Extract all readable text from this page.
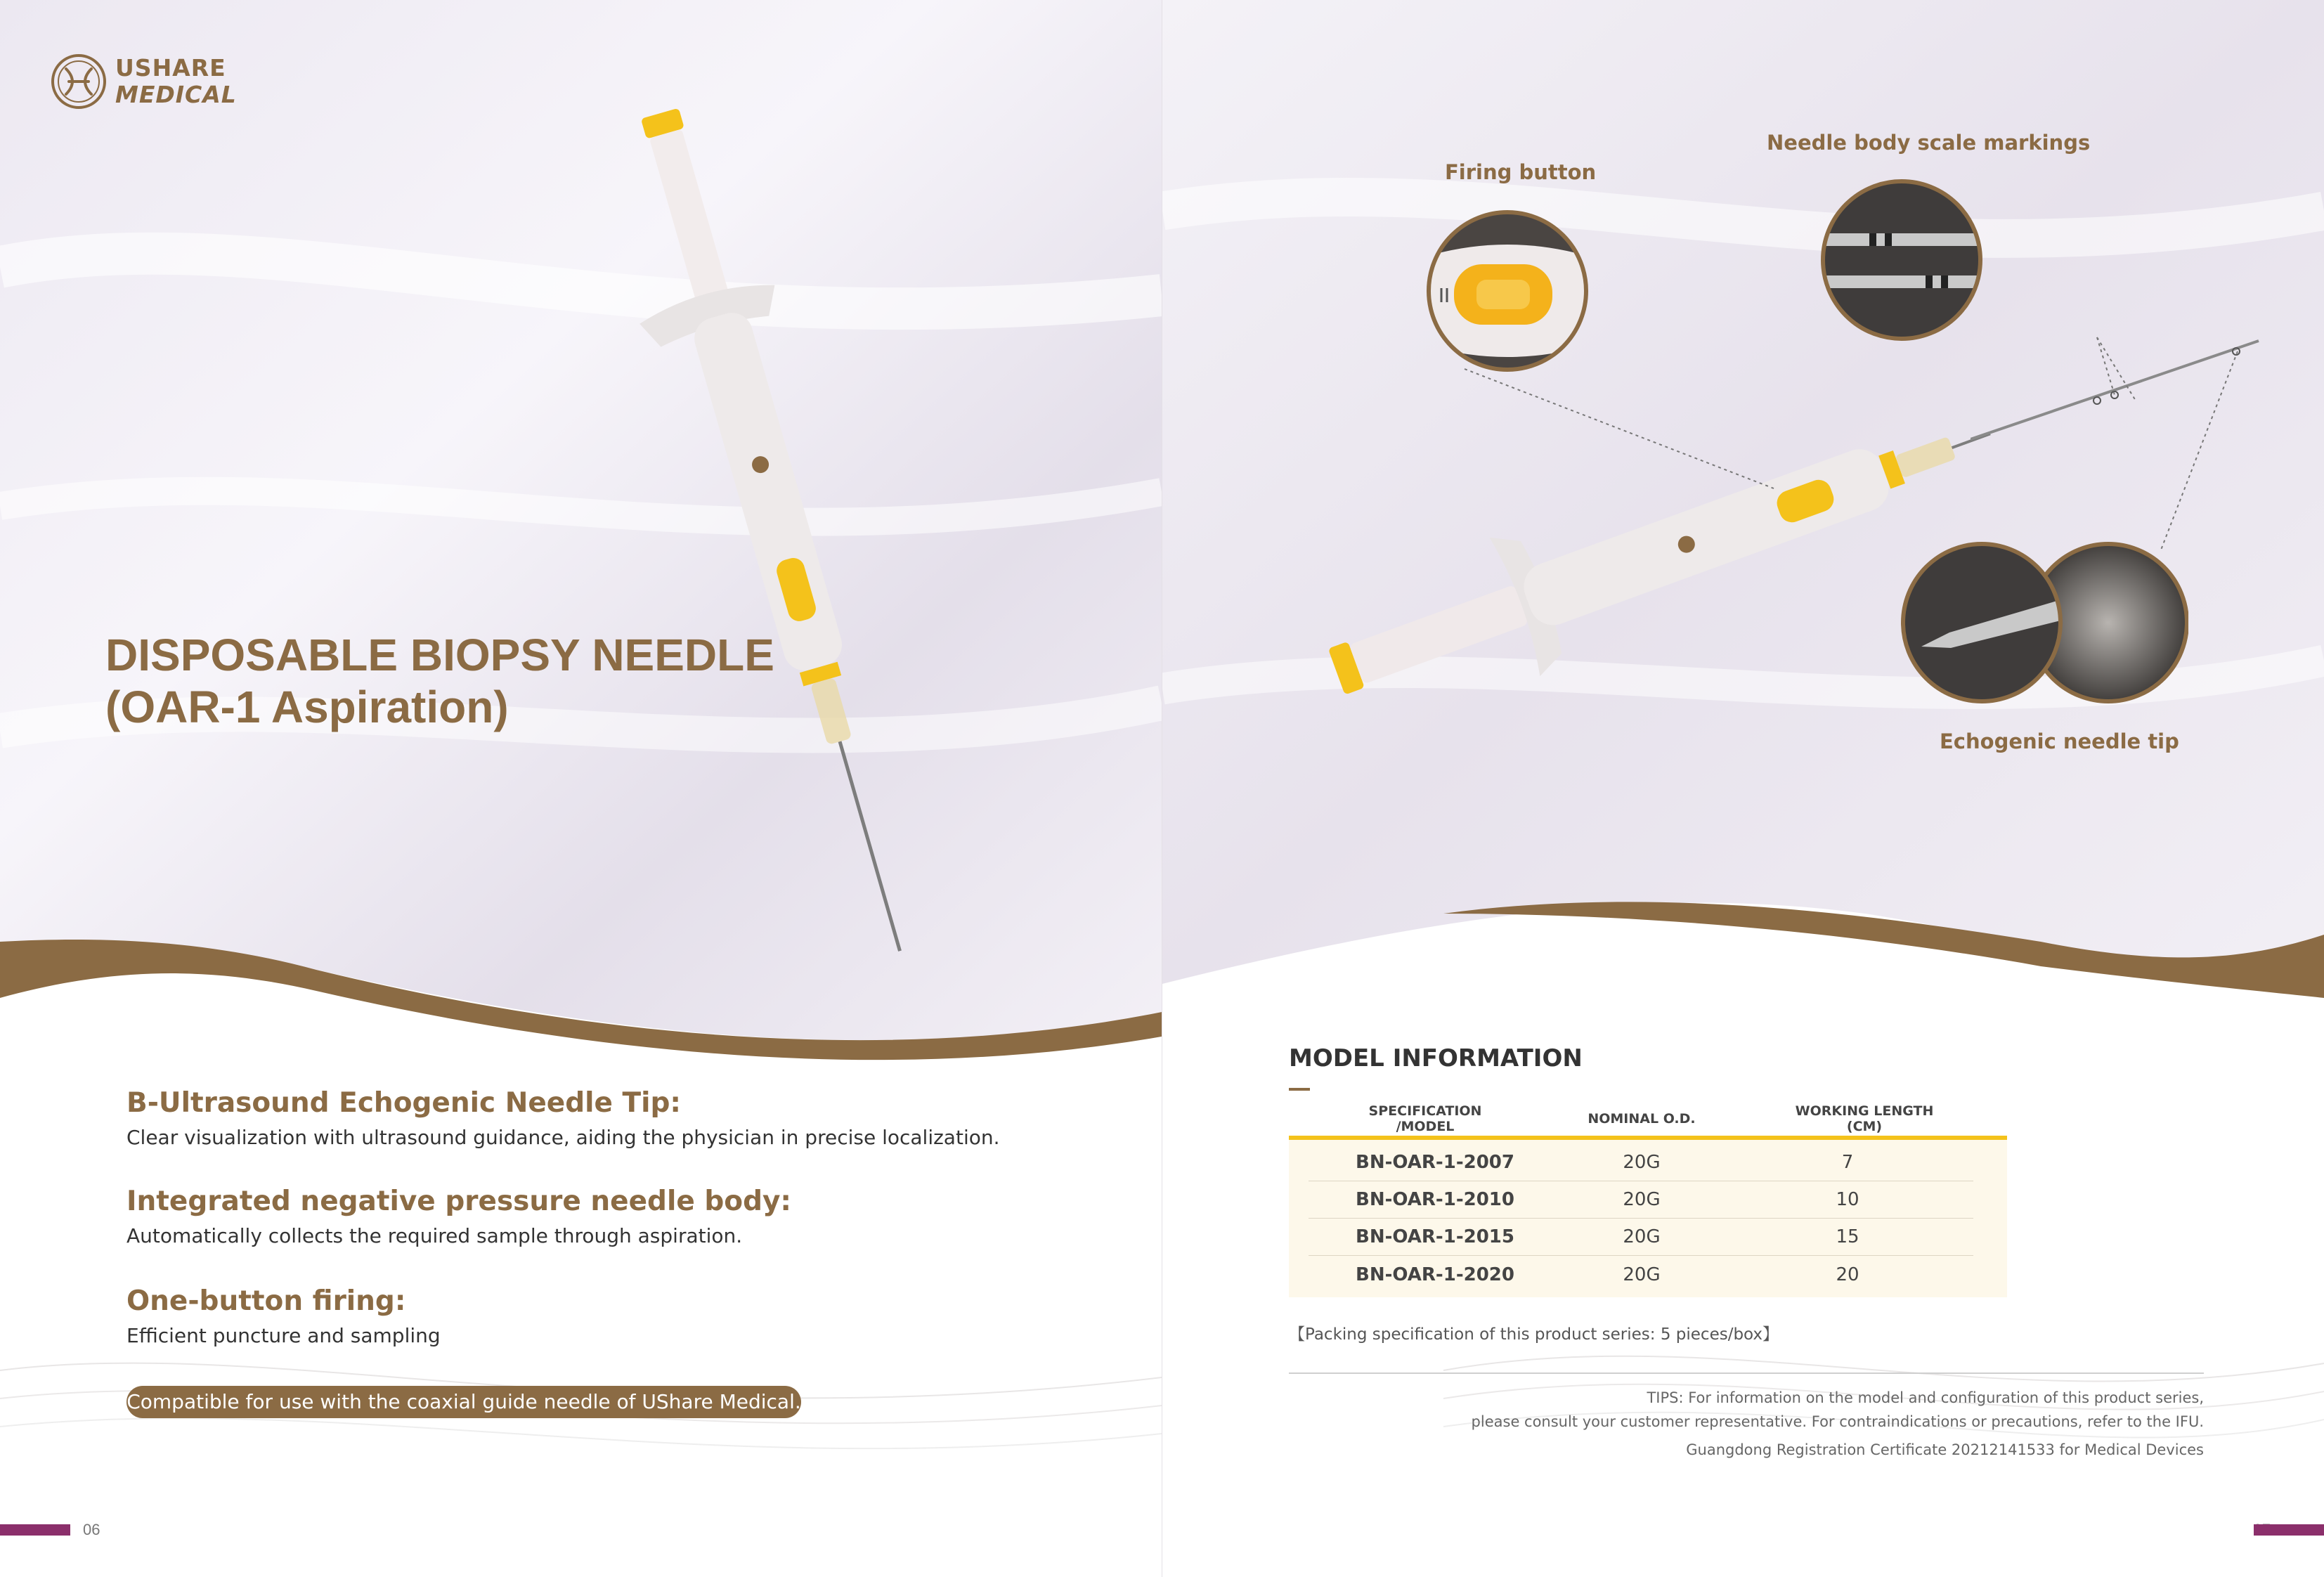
USHARE
MEDICAL
DISPOSABLE BIOPSY NEEDLE
(OAR-1 Aspiration)
B-Ultrasound Echogenic Needle Tip:

Clear visualization with ultrasound guidance, aiding the physician in precise localization.

Integrated negative pressure needle body:

Automatically collects the required sample through aspiration.

One-button firing:

Efficient puncture and sampling

Compatible for use with the coaxial guide needle of UShare Medical.
06
Firing button
Needle body scale markings
Echogenic needle tip
MODEL INFORMATION
SPECIFICATION
/MODEL	NOMINAL O.D.	WORKING LENGTH
(CM)
BN-OAR-1-2007	20G	7
BN-OAR-1-2010	20G	10
BN-OAR-1-2015	20G	15
BN-OAR-1-2020	20G	20
【Packing specification of this product series: 5 pieces/box】
TIPS: For information on the model and configuration of this product series,
please consult your customer representative. For contraindications or precautions, refer to the IFU.
Guangdong Registration Certificate 20212141533 for Medical Devices
